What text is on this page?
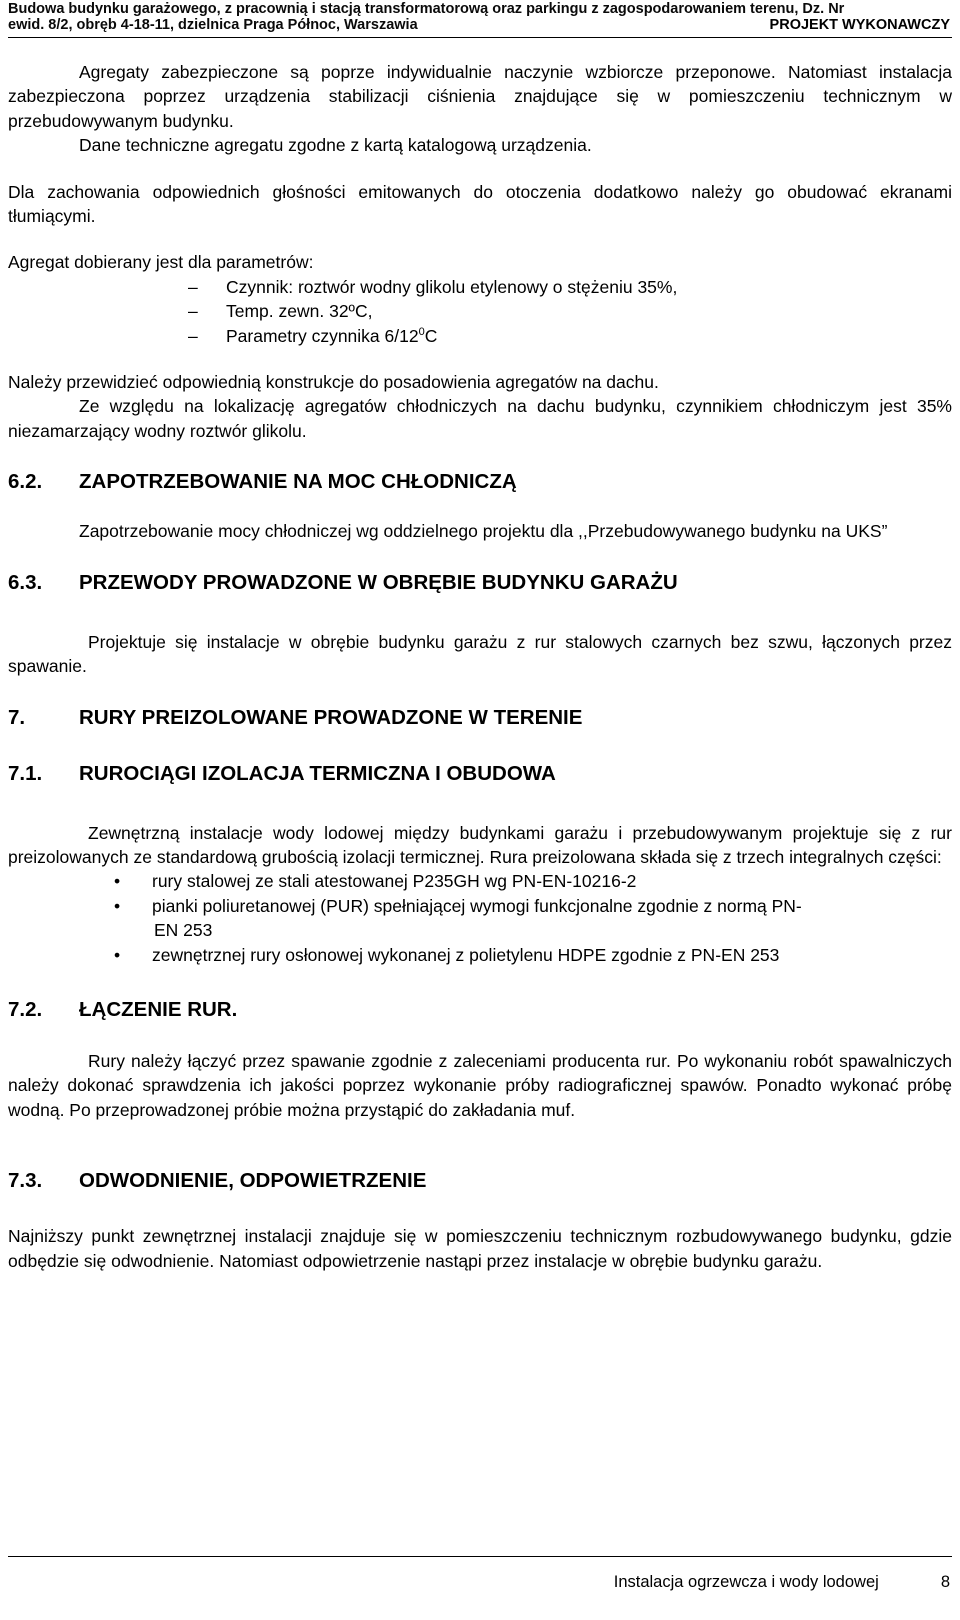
Budowa budynku garażowego, z pracownią i stacją transformatorową oraz parkingu z zagospodarowaniem terenu, Dz. Nr
ewid. 8/2, obręb 4-18-11, dzielnica Praga Północ, Warszawia	PROJEKT WYKONAWCZY

Agregaty zabezpieczone są poprze indywidualnie naczynie wzbiorcze przeponowe. Natomiast instalacja zabezpieczona poprzez urządzenia stabilizacji ciśnienia znajdujące się w pomieszczeniu technicznym w przebudowywanym budynku.

Dane techniczne agregatu zgodne z kartą katalogową urządzenia.

Dla zachowania odpowiednich głośności emitowanych do otoczenia dodatkowo należy go obudować ekranami tłumiącymi.

Agregat dobierany jest dla parametrów:

– Czynnik: roztwór wodny glikolu etylenowy o stężeniu 35%,
– Temp. zewn. 32ºC,
– Parametry czynnika $6/12^0C$

Należy przewidzieć odpowiednią konstrukcje do posadowienia agregatów na dachu.

Ze względu na lokalizację agregatów chłodniczych na dachu budynku, czynnikiem chłodniczym jest 35% niezamarzający wodny roztwór glikolu.

6.2. ZAPOTRZEBOWANIE NA MOC CHŁODNICZĄ

Zapotrzebowanie mocy chłodniczej wg oddzielnego projektu dla ,,Przebudowywanego budynku na UKS”

6.3. PRZEWODY PROWADZONE W OBRĘBIE BUDYNKU GARAŻU

Projektuje się instalacje w obrębie budynku garażu z rur stalowych czarnych bez szwu, łączonych przez spawanie.

7.	RURY PREIZOLOWANE PROWADZONE W TERENIE
7.1. RUROCIĄGI IZOLACJA TERMICZNA I OBUDOWA

Zewnętrzną instalacje wody lodowej między budynkami garażu i przebudowywanym projektuje się z rur preizolowanych ze standardową grubością izolacji termicznej. Rura preizolowana składa się z trzech integralnych części:

• rury stalowej ze stali atestowanej P235GH wg PN-EN-10216-2
• pianki poliuretanowej (PUR) spełniającej wymogi funkcjonalne zgodnie z normą PN-
EN 253
• zewnętrznej rury osłonowej wykonanej z polietylenu HDPE zgodnie z PN-EN 253
7.2. ŁĄCZENIE RUR.

Rury należy łączyć przez spawanie zgodnie z zaleceniami producenta rur. Po wykonaniu robót spawalniczych należy dokonać sprawdzenia ich jakości poprzez wykonanie próby radiograficznej spawów. Ponadto wykonać próbę wodną. Po przeprowadzonej próbie można przystąpić do zakładania muf.

7.3. ODWODNIENIE, ODPOWIETRZENIE

Najniższy punkt zewnętrznej instalacji znajduje się w pomieszczeniu technicznym rozbudowywanego budynku, gdzie odbędzie się odwodnienie. Natomiast odpowietrzenie nastąpi przez instalacje w obrębie budynku garażu.

Instalacja ogrzewcza i wody lodowej	8
